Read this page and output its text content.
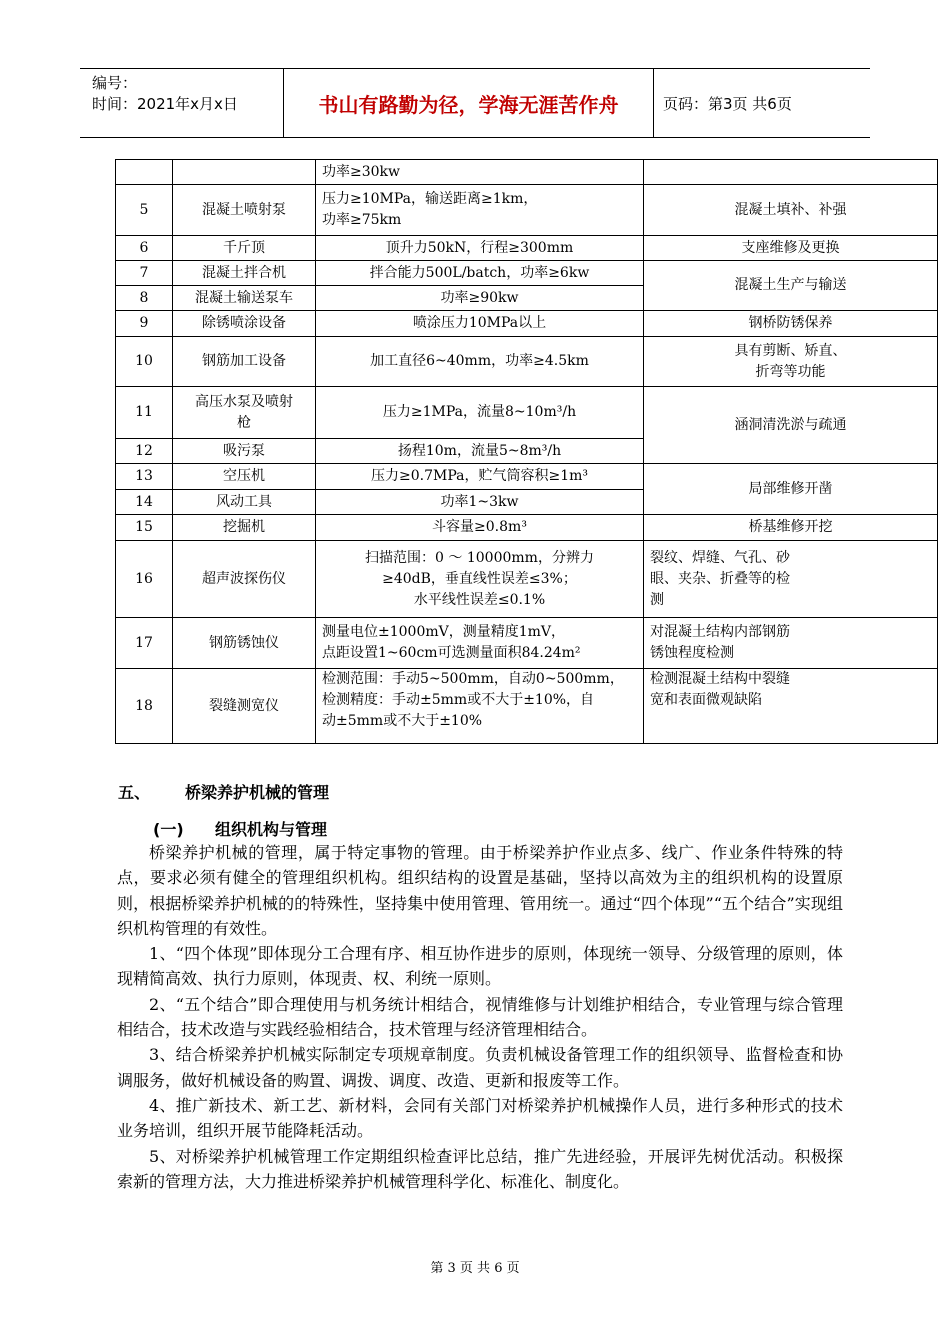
编号：
时间：2021年x月x日	书山有路勤为径，学海无涯苦作舟	页码：第3页 共6页
		功率≥30kw	
5	混凝土喷射泵	压力≥10MPa，输送距离≥1km，
功率≥75km	混凝土填补、补强
6	千斤顶	顶升力50kN，行程≥300mm	支座维修及更换
7	混凝土拌合机	拌合能力500L/batch，功率≥6kw	混凝土生产与输送
8	混凝土输送泵车	功率≥90kw	
9	除锈喷涂设备	喷涂压力10MPa以上	钢桥防锈保养
10	钢筋加工设备	加工直径6~40mm，功率≥4.5km	具有剪断、矫直、
折弯等功能
11	高压水泵及喷射
枪	压力≥1MPa，流量8~10m³/h	涵洞清洗淤与疏通
12	吸污泵	扬程10m，流量5~8m³/h	
13	空压机	压力≥0.7MPa，贮气筒容积≥1m³	局部维修开凿
14	风动工具	功率1~3kw	
15	挖掘机	斗容量≥0.8m³	桥基维修开挖
16	超声波探伤仪	扫描范围：0 ～ 10000mm，分辨力
≥40dB，垂直线性误差≤3%；
水平线性误差≤0.1%	裂纹、焊缝、气孔、砂
眼、夹杂、折叠等的检
测
17	钢筋锈蚀仪	测量电位±1000mV，测量精度1mV，
点距设置1~60cm可选测量面积84.24m²	对混凝土结构内部钢筋
锈蚀程度检测
18	裂缝测宽仪	检测范围：手动5~500mm，自动0~500mm，
检测精度：手动±5mm或不大于±10%，自
动±5mm或不大于±10%	检测混凝土结构中裂缝
宽和表面微观缺陷
五、 桥梁养护机械的管理
(一) 组织机构与管理

桥梁养护机械的管理，属于特定事物的管理。由于桥梁养护作业点多、线广、作业条件特殊的特点，要求必须有健全的管理组织机构。组织结构的设置是基础，坚持以高效为主的组织机构的设置原则，根据桥梁养护机械的的特殊性，坚持集中使用管理、管用统一。通过“四个体现”“五个结合”实现组织机构管理的有效性。

1、“四个体现”即体现分工合理有序、相互协作进步的原则，体现统一领导、分级管理的原则，体现精简高效、执行力原则，体现责、权、利统一原则。

2、“五个结合”即合理使用与机务统计相结合，视情维修与计划维护相结合，专业管理与综合管理相结合，技术改造与实践经验相结合，技术管理与经济管理相结合。

3、结合桥梁养护机械实际制定专项规章制度。负责机械设备管理工作的组织领导、监督检查和协调服务，做好机械设备的购置、调拨、调度、改造、更新和报废等工作。

4、推广新技术、新工艺、新材料，会同有关部门对桥梁养护机械操作人员，进行多种形式的技术业务培训，组织开展节能降耗活动。

5、对桥梁养护机械管理工作定期组织检查评比总结，推广先进经验，开展评先树优活动。积极探索新的管理方法，大力推进桥梁养护机械管理科学化、标准化、制度化。

第 3 页 共 6 页
